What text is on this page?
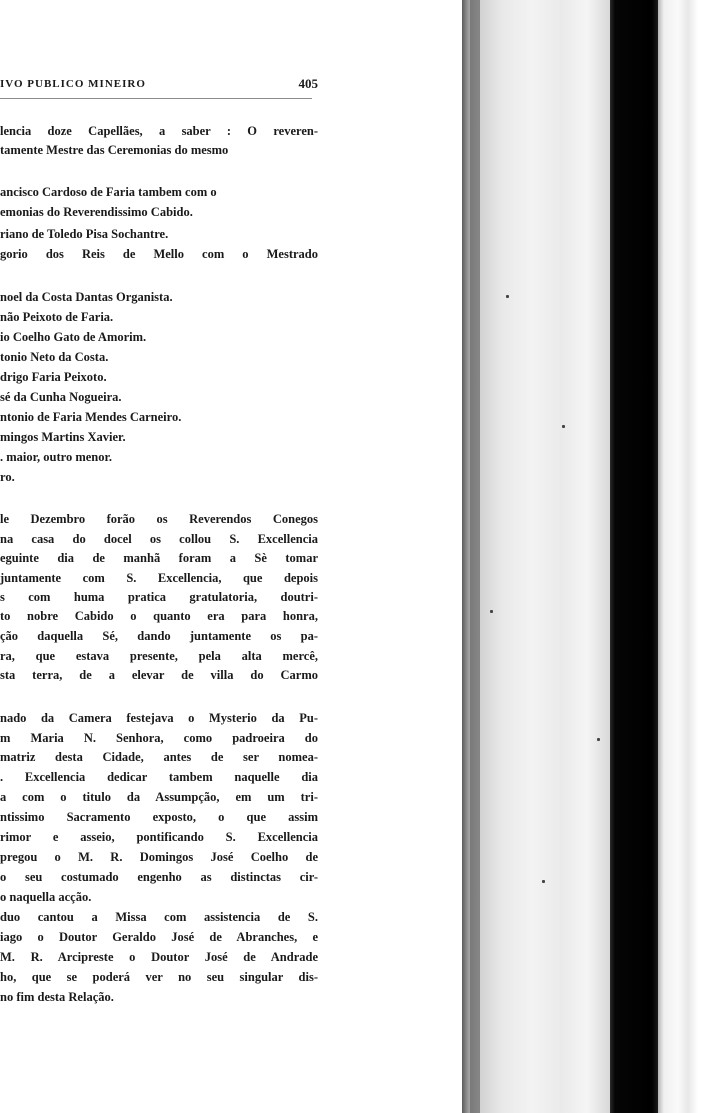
IVO PUBLICO MINEIRO	405
lencia doze Capellães, a saber : O reveren-
tamente Mestre das Ceremonias do mesmo
ancisco Cardoso de Faria tambem com o
emonias do Reverendissimo Cabido.
riano de Toledo Pisa Sochantre.
gorio dos Reis de Mello com o Mestrado
noel da Costa Dantas Organista.
não Peixoto de Faria.
io Coelho Gato de Amorim.
tonio Neto da Costa.
drigo Faria Peixoto.
sé da Cunha Nogueira.
ntonio de Faria Mendes Carneiro.
mingos Martins Xavier.
. maior, outro menor.
ro.
le Dezembro forão os Reverendos Conegos
na casa do docel os collou S. Excellencia
eguinte dia de manhã foram a Sè tomar
juntamente com S. Excellencia, que depois
s com huma pratica gratulatoria, doutri-
to nobre Cabido o quanto era para honra,
ção daquella Sé, dando juntamente os pa-
ra, que estava presente, pela alta mercê,
sta terra, de a elevar de villa do Carmo
nado da Camera festejava o Mysterio da Pu-
m Maria N. Senhora, como padroeira do
matriz desta Cidade, antes de ser nomea-
. Excellencia dedicar tambem naquelle dia
a com o titulo da Assumpção, em um tri-
ntissimo Sacramento exposto, o que assim
rimor e asseio, pontificando S. Excellencia
pregou o M. R. Domingos José Coelho de
o seu costumado engenho as distinctas cir-
o naquella acção.
duo cantou a Missa com assistencia de S.
iago o Doutor Geraldo José de Abranches, e
M. R. Arcipreste o Doutor José de Andrade
ho, que se poderá ver no seu singular dis-
no fim desta Relação.
